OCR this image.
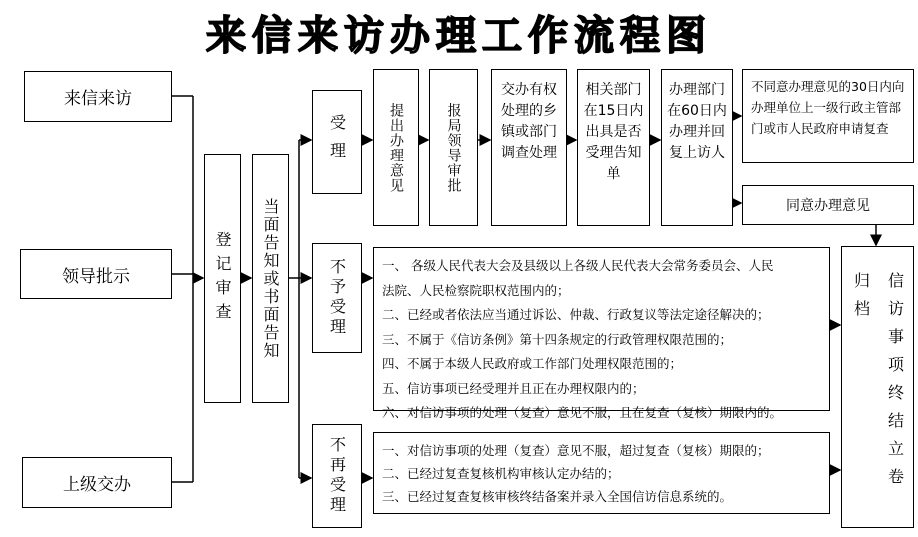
来信来访办理工作流程图
来信来访
领导批示
上级交办
登记审查 当面告知或书面告知
受理
不予受理
不再受理
提出办理意见	报局领导审批
交办有权处理的乡镇或部门调查处理
相关部门在15日内出具是否受理告知单
办理部门在60日内办理并回复上访人
不同意办理意见的30日内向办理单位上一级行政主管部门或市人民政府申请复查
同意办理意见
信访事项终结立卷归档
一、 各级人民代表大会及县级以上各级人民代表大会常务委员会、人民
法院、人民检察院职权范围内的；
二、已经或者依法应当通过诉讼、仲裁、行政复议等法定途径解决的；
三、不属于《信访条例》第十四条规定的行政管理权限范围的；
四、不属于本级人民政府或工作部门处理权限范围的；
五、信访事项已经受理并且正在办理权限内的；
六、对信访事项的处理（复查）意见不服，且在复查（复核）期限内的。
一、对信访事项的处理（复查）意见不服，超过复查（复核）期限的；
二、已经过复查复核机构审核认定办结的；
三、已经过复查复核审核终结备案并录入全国信访信息系统的。
